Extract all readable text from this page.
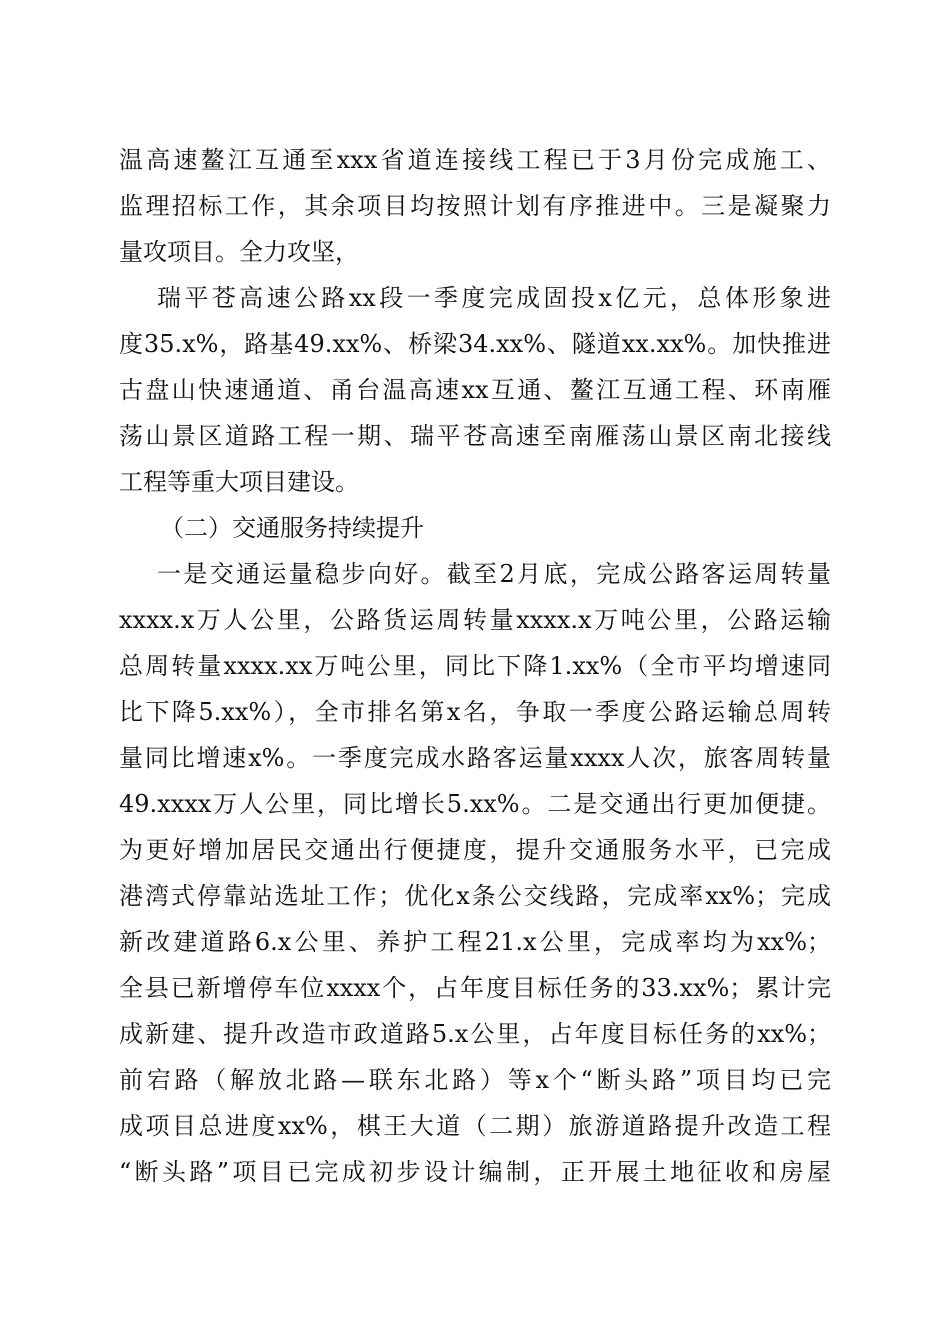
温高速鳌江互通至xxx省道连接线工程已于3月份完成施工、
监理招标工作，其余项目均按照计划有序推进中。三是凝聚力
量攻项目。全力攻坚，
瑞平苍高速公路xx段一季度完成固投x亿元，总体形象进
度35.x%，路基49.xx%、桥梁34.xx%、隧道xx.xx%。加快推进
古盘山快速通道、甬台温高速xx互通、鳌江互通工程、环南雁
荡山景区道路工程一期、瑞平苍高速至南雁荡山景区南北接线
工程等重大项目建设。
（二）交通服务持续提升
一是交通运量稳步向好。截至2月底，完成公路客运周转量
xxxx.x万人公里，公路货运周转量xxxx.x万吨公里，公路运输
总周转量xxxx.xx万吨公里，同比下降1.xx%（全市平均增速同
比下降5.xx%），全市排名第x名，争取一季度公路运输总周转
量同比增速x%。一季度完成水路客运量xxxx人次，旅客周转量
49.xxxx万人公里，同比增长5.xx%。二是交通出行更加便捷。
为更好增加居民交通出行便捷度，提升交通服务水平，已完成
港湾式停靠站选址工作；优化x条公交线路，完成率xx%；完成
新改建道路6.x公里、养护工程21.x公里，完成率均为xx%；
全县已新增停车位xxxx个，占年度目标任务的33.xx%；累计完
成新建、提升改造市政道路5.x公里，占年度目标任务的xx%；
前宕路（解放北路—联东北路）等x个“断头路”项目均已完
成项目总进度xx%，棋王大道（二期）旅游道路提升改造工程
“断头路”项目已完成初步设计编制，正开展土地征收和房屋
